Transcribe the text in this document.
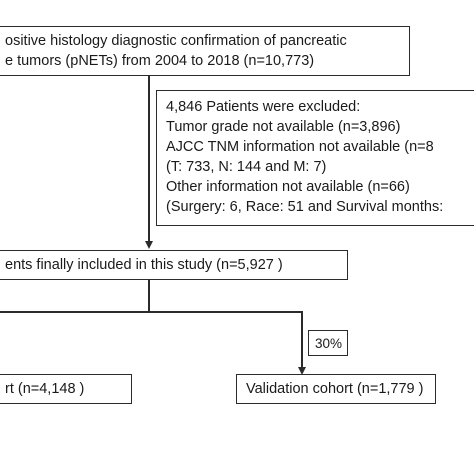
ositive histology diagnostic confirmation of pancreatic
e tumors (pNETs) from 2004 to 2018 (n=10,773)
4,846 Patients were excluded:
Tumor grade not available (n=3,896)
AJCC TNM information not available (n=8
(T: 733, N: 144 and M: 7)
Other information not available (n=66)
(Surgery: 6, Race: 51 and Survival months:
ents finally included in this study (n=5,927 )
30%
rt (n=4,148 )	Validation cohort (n=1,779 )
